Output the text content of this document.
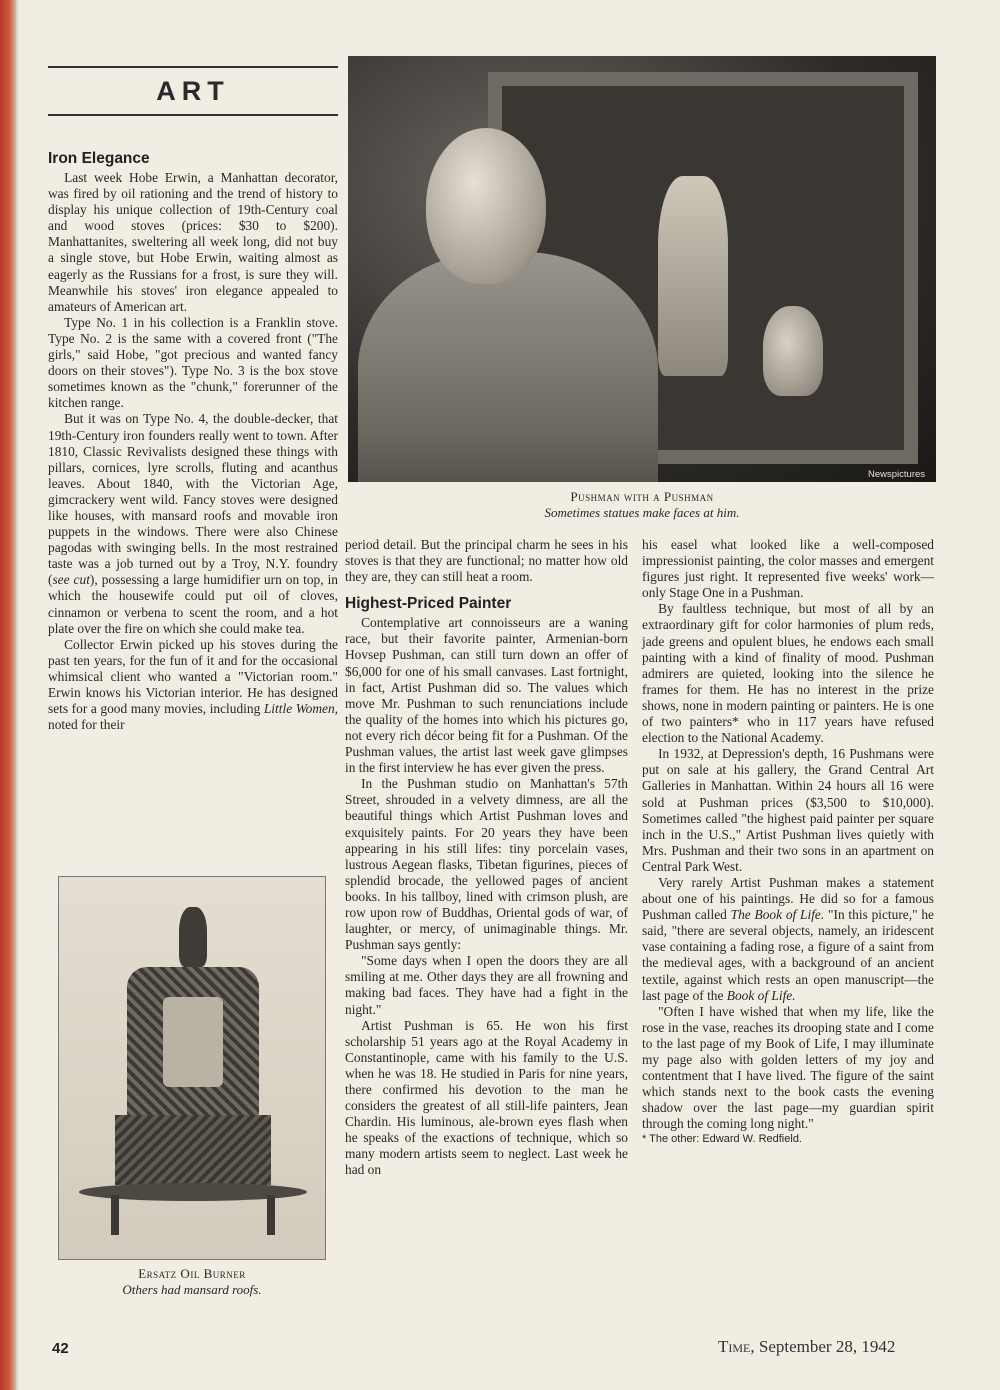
ART
Newspictures
Pushman with a Pushman
Sometimes statues make faces at him.
Iron Elegance

Last week Hobe Erwin, a Manhattan decorator, was fired by oil rationing and the trend of history to display his unique collection of 19th-Century coal and wood stoves (prices: $30 to $200). Manhattanites, sweltering all week long, did not buy a single stove, but Hobe Erwin, waiting almost as eagerly as the Russians for a frost, is sure they will. Meanwhile his stoves' iron elegance appealed to amateurs of American art.

Type No. 1 in his collection is a Franklin stove. Type No. 2 is the same with a covered front ("The girls," said Hobe, "got precious and wanted fancy doors on their stoves"). Type No. 3 is the box stove sometimes known as the "chunk," forerunner of the kitchen range.

But it was on Type No. 4, the double-decker, that 19th-Century iron founders really went to town. After 1810, Classic Revivalists designed these things with pillars, cornices, lyre scrolls, fluting and acanthus leaves. About 1840, with the Victorian Age, gimcrackery went wild. Fancy stoves were designed like houses, with mansard roofs and movable iron puppets in the windows. There were also Chinese pagodas with swinging bells. In the most restrained taste was a job turned out by a Troy, N.Y. foundry (see cut), possessing a large humidifier urn on top, in which the housewife could put oil of cloves, cinnamon or verbena to scent the room, and a hot plate over the fire on which she could make tea.

Collector Erwin picked up his stoves during the past ten years, for the fun of it and for the occasional whimsical client who wanted a "Victorian room." Erwin knows his Victorian interior. He has designed sets for a good many movies, including Little Women, noted for their

Ersatz Oil Burner
Others had mansard roofs.

period detail. But the principal charm he sees in his stoves is that they are functional; no matter how old they are, they can still heat a room.

Highest-Priced Painter

Contemplative art connoisseurs are a waning race, but their favorite painter, Armenian-born Hovsep Pushman, can still turn down an offer of $6,000 for one of his small canvases. Last fortnight, in fact, Artist Pushman did so. The values which move Mr. Pushman to such renunciations include the quality of the homes into which his pictures go, not every rich décor being fit for a Pushman. Of the Pushman values, the artist last week gave glimpses in the first interview he has ever given the press.

In the Pushman studio on Manhattan's 57th Street, shrouded in a velvety dimness, are all the beautiful things which Artist Pushman loves and exquisitely paints. For 20 years they have been appearing in his still lifes: tiny porcelain vases, lustrous Aegean flasks, Tibetan figurines, pieces of splendid brocade, the yellowed pages of ancient books. In his tallboy, lined with crimson plush, are row upon row of Buddhas, Oriental gods of war, of laughter, or mercy, of unimaginable things. Mr. Pushman says gently:

"Some days when I open the doors they are all smiling at me. Other days they are all frowning and making bad faces. They have had a fight in the night."

Artist Pushman is 65. He won his first scholarship 51 years ago at the Royal Academy in Constantinople, came with his family to the U.S. when he was 18. He studied in Paris for nine years, there confirmed his devotion to the man he considers the greatest of all still-life painters, Jean Chardin. His luminous, ale-brown eyes flash when he speaks of the exactions of technique, which so many modern artists seem to neglect. Last week he had on

his easel what looked like a well-composed impressionist painting, the color masses and emergent figures just right. It represented five weeks' work—only Stage One in a Pushman.

By faultless technique, but most of all by an extraordinary gift for color harmonies of plum reds, jade greens and opulent blues, he endows each small painting with a kind of finality of mood. Pushman admirers are quieted, looking into the silence he frames for them. He has no interest in the prize shows, none in modern painting or painters. He is one of two painters* who in 117 years have refused election to the National Academy.

In 1932, at Depression's depth, 16 Pushmans were put on sale at his gallery, the Grand Central Art Galleries in Manhattan. Within 24 hours all 16 were sold at Pushman prices ($3,500 to $10,000). Sometimes called "the highest paid painter per square inch in the U.S.," Artist Pushman lives quietly with Mrs. Pushman and their two sons in an apartment on Central Park West.

Very rarely Artist Pushman makes a statement about one of his paintings. He did so for a famous Pushman called The Book of Life. "In this picture," he said, "there are several objects, namely, an iridescent vase containing a fading rose, a figure of a saint from the medieval ages, with a background of an ancient textile, against which rests an open manuscript—the last page of the Book of Life.

"Often I have wished that when my life, like the rose in the vase, reaches its drooping state and I come to the last page of my Book of Life, I may illuminate my page also with golden letters of my joy and contentment that I have lived. The figure of the saint which stands next to the book casts the evening shadow over the last page—my guardian spirit through the coming long night."

* The other: Edward W. Redfield.

42	Time, September 28, 1942
